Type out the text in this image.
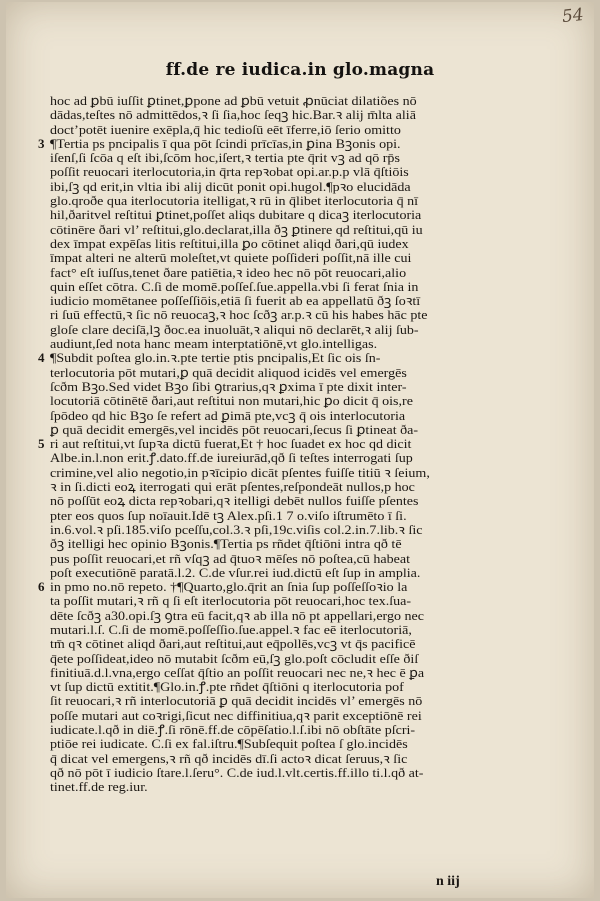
54
ff.de re iudica.in glo.magna
hoc ad ꝑbū iuſſit ꝑtinet,ꝑpone ad ꝑbū vetuit ꝓnūciat dilatiões nō
dādas,teſtes nō admittēdos,ꝛ ſi ſia,hoc ſeqꝫ hic.Bar.ꝛ alij m̄lta aliā
doct’potēt iuenire exēpla,q̄ hic tedioſū eēt īferre,iō ſerio omitto
¶Tertia ps pncipalis ī qua pōt ſcindi prīcīas,in ꝑina Bꝫonis opi.
iſenſ,ſi ſcōa q eſt ibi,ſcōm hoc,iſert,ꝛ tertia pte q̄rit vꝫ ad qō rp̄s
poſſit reuocari iterlocutoria,in q̄rta repꝛobat opi.ar.p.p vlā q̄ſtiōis
ibi,ſꝫ qd erit,in vltia ibi alij dicūt ponit opi.hugol.¶pꝛo elucidāda
glo.qroðe qua iterlocutoria itelligat,ꝛ rū in q̄libet iterlocutoria q̄ nī
hil,ðaritvel reſtitui ꝑtinet,poſſet aliqs dubitare q dicaꝫ iterlocutoria
cōtinēre ðari vl’ reſtitui,glo.declarat,illa ðꝫ ꝑtinere qd reſtitui,qū iu
dex īmpat expēſas litis reſtitui,illa ꝑo cōtinet aliqd ðari,qū iudex
īmpat alteri ne alterū moleſtet,vt quiete poſſideri poſſit,nā ille cui
fact° eſt iuſſus,tenet ðare patiētia,ꝛ ideo hec nō pōt reuocari,alio
quin eſſet cōtra. C.ſi de momē.poſſeſ.ſue.appella.vbi ſi ferat ſnia in
iudicio momētanee poſſeſſiōis,etiā ſi fuerit ab ea appellatū ðꝫ ſoꝛtī
ri ſuū effectū,ꝛ ſic nō reuocaꝫ,ꝛ hoc ſcðꝫ ar.p.ꝛ cū his habes hāc pte
gloſe clare deciſā,lꝫ ðoc.ea inuoluāt,ꝛ aliqui nō declarēt,ꝛ alij ſub-
audiunt,ſed nota hanc meam interptatiōnē,vt glo.intelligas.
¶Subdit poſtea glo.in.ꝛ.pte tertie ptis pncipalis,Et ſic ois ſn-
terlocutoria pōt mutari,ꝑ quā decidit aliquod icidēs vel emergēs
ſcðm Bꝫo.Sed videt Bꝫo ſibi ꝯtrarius,qꝛ ꝑxima ī pte dixit inter-
locutoriā cōtinētē ðari,aut reſtitui non mutari,hic ꝑo dicit q̄ ois,re
ſpōdeo qd hic Bꝫo ſe refert ad ꝑimā pte,vcꝫ q̄ ois interlocutoria
ꝑ quā decidit emergēs,vel incidēs pōt reuocari,ſecus ſi ꝑtineat ða-
ri aut reſtitui,vt ſupꝛa dictū fuerat,Et † hoc ſuadet ex hoc qd dicit
Albe.in.l.non erit.ꝭ.dato.ff.de iureiurād,qð ſi teſtes interrogati ſup
crimine,vel alio negotio,in pꝛīcipio dicāt pſentes fuiſſe titiū ꝛ ſeium,
ꝛ in ſi.dicti eoꝝ iterrogati qui erāt pſentes,reſpondeāt nullos,p hoc
nō poſſūt eoꝝ dicta repꝛobari,qꝛ itelligi debēt nullos fuiſſe pſentes
pter eos quos ſup noīauit.Idē tꝫ Alex.pſi.1 7 o.viſo iſtrumēto ī ſi.
in.6.vol.ꝛ pſi.185.viſo pceſſu,col.3.ꝛ pſi,19c.viſis col.2.in.7.lib.ꝛ ſic
ðꝫ itelligi hec opinio Bꝫonis.¶Tertia ps rñdet q̄ſtiōni intra qð tē
pus poſſit reuocari,et rñ vſqꝫ ad q̄tuoꝛ mēſes nō poſtea,cū habeat
poſt executiōnē paratā.l.2. C.de vſur.rei iud.dictū eſt ſup in amplia.
in pmo no.nō repeto. †¶Quarto,glo.q̄rit an ſnia ſup poſſeſſoꝛio la
ta poſſit mutari,ꝛ rñ q ſi eſt iterlocutoria pōt reuocari,hoc tex.ſua-
dēte ſcðꝫ a30.opi.ſꝫ ꝯtra eū facit,qꝛ ab illa nō pt appellari,ergo nec
mutari.l.ſ. C.ſi de momē.poſſeſſio.ſue.appel.ꝛ fac eē iterlocutoriā,
tm̄ qꝛ cōtinet aliqd ðari,aut reſtitui,aut eq̄pollēs,vcꝫ vt q̄s pacificē
q̄ete poſſideat,ideo nō mutabit ſcðm eū,ſꝫ glo.poſt cōcludit eſſe ðiſ
finitiuā.d.l.vna,ergo ceſſat q̄ſtio an poſſit reuocari nec ne,ꝛ hec ē ꝑa
vt ſup dictū extitit.¶Glo.in.ꝭ.pte rñdet q̄ſtiōni q iterlocutoria pof
ſit reuocari,ꝛ rñ interlocutoriā ꝑ quā decidit incidēs vl’ emergēs nō
poſſe mutari aut coꝛrigi,ſicut nec diffinitiua,qꝛ parit exceptiōnē rei
iudicate.l.qð in diē.ꝭ.ſi rōnē.ff.de cōpēſatio.l.ſ.ibi nō obſtāte pſcri-
ptiōe rei iudicate. C.ſi ex fal.iſtru.¶Subſequit poſtea ſ glo.incidēs
q̄ dicat vel emergens,ꝛ rñ qð incidēs dī.ſi actoꝛ dicat ſeruus,ꝛ ſic
qð nō pōt ī iudicio ſtare.l.ſeru°. C.de iud.l.vlt.certis.ff.illo ti.l.qð at-
tinet.ff.de reg.iur.
3
4
5
6
n iij
